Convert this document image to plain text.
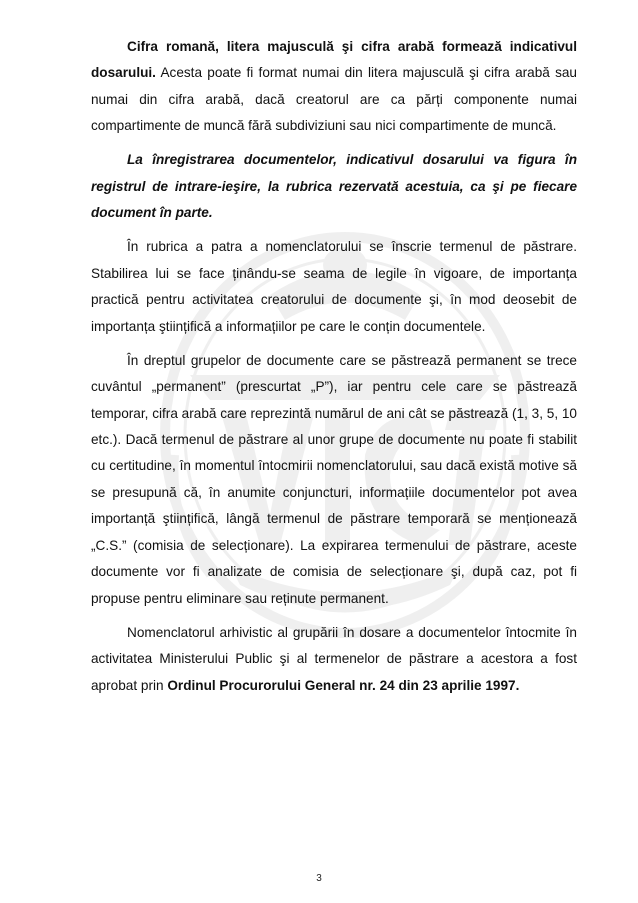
Cifra romană, litera majusculă şi cifra arabă formează indicativul dosarului. Acesta poate fi format numai din litera majusculă şi cifra arabă sau numai din cifra arabă, dacă creatorul are ca părți componente numai compartimente de muncă fără subdiviziuni sau nici compartimente de muncă.

La înregistrarea documentelor, indicativul dosarului va figura în registrul de intrare-ieşire, la rubrica rezervată acestuia, ca şi pe fiecare document în parte.

În rubrica a patra a nomenclatorului se înscrie termenul de păstrare. Stabilirea lui se face ținându-se seama de legile în vigoare, de importanța practică pentru activitatea creatorului de documente şi, în mod deosebit de importanța ştiințifică a informațiilor pe care le conțin documentele.

În dreptul grupelor de documente care se păstrează permanent se trece cuvântul „permanent” (prescurtat „P”), iar pentru cele care se păstrează temporar, cifra arabă care reprezintă numărul de ani cât se păstrează (1, 3, 5, 10 etc.). Dacă termenul de păstrare al unor grupe de documente nu poate fi stabilit cu certitudine, în momentul întocmirii nomenclatorului, sau dacă există motive să se presupună că, în anumite conjuncturi, informațiile documentelor pot avea importanță ştiințifică, lângă termenul de păstrare temporară se menționează „C.S.” (comisia de selecționare). La expirarea termenului de păstrare, aceste documente vor fi analizate de comisia de selecționare şi, după caz, pot fi propuse pentru eliminare sau reținute permanent.

Nomenclatorul arhivistic al grupării în dosare a documentelor întocmite în activitatea Ministerului Public şi al termenelor de păstrare a acestora a fost aprobat prin Ordinul Procurorului General nr. 24 din 23 aprilie 1997.

3
